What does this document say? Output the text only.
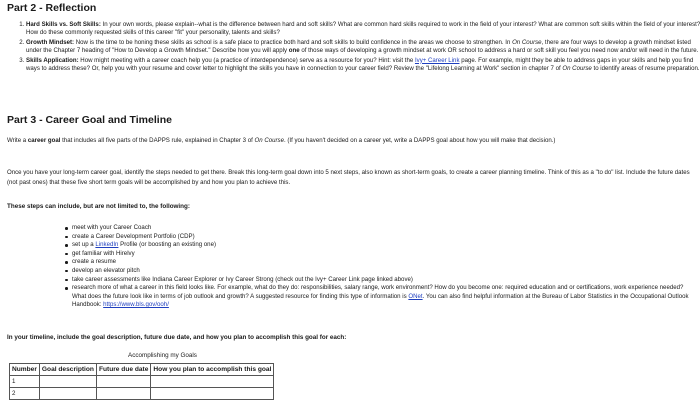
Part 2 - Reflection
1. Hard Skills vs. Soft Skills: In your own words, please explain--what is the difference between hard and soft skills? What are common hard skills required to work in the field of your interest? What are common soft skills within the field of your interest? How do these commonly requested skills of this career "fit" your personality, talents and skills?
2. Growth Mindset: Now is the time to be honing these skills as school is a safe place to practice both hard and soft skills to build confidence in the areas we choose to strengthen. In On Course, there are four ways to develop a growth mindset listed under the Chapter 7 heading of "How to Develop a Growth Mindset." Describe how you will apply one of those ways of developing a growth mindset at work OR school to address a hard or soft skill you feel you need now and/or will need in the future.
3. Skills Application: How might meeting with a career coach help you (a practice of interdependence) serve as a resource for you? Hint: visit the Ivy+ Career Link page. For example, might they be able to address gaps in your skills and help you find ways to address these? Or, help you with your resume and cover letter to highlight the skills you have in connection to your career field? Review the "Lifelong Learning at Work" section in chapter 7 of On Course to identify areas of resume preparation.
Part 3 - Career Goal and Timeline

Write a career goal that includes all five parts of the DAPPS rule, explained in Chapter 3 of On Course. (If you haven't decided on a career yet, write a DAPPS goal about how you will make that decision.)

Once you have your long-term career goal, identify the steps needed to get there. Break this long-term goal down into 5 next steps, also known as short-term goals, to create a career planning timeline. Think of this as a "to do" list. Include the future dates (not past ones) that these five short term goals will be accomplished by and how you plan to achieve this.

These steps can include, but are not limited to, the following:

meet with your Career Coach
create a Career Development Portfolio (CDP)
set up a LinkedIn Profile (or boosting an existing one)
get familiar with Hirelvy
create a resume
develop an elevator pitch
take career assessments like Indiana Career Explorer or Ivy Career Strong (check out the Ivy+ Career Link page linked above)
research more of what a career in this field looks like. For example, what do they do: responsibilities, salary range, work environment? How do you become one: required education and or certifications, work experience needed? What does the future look like in terms of job outlook and growth? A suggested resource for finding this type of information is ONet. You can also find helpful information at the Bureau of Labor Statistics in the Occupational Outlook Handbook: https://www.bls.gov/ooh/

In your timeline, include the goal description, future due date, and how you plan to accomplish this goal for each:

Accomplishing my Goals
Number	Goal description	Future due date	How you plan to accomplish this goal
1			
2			
